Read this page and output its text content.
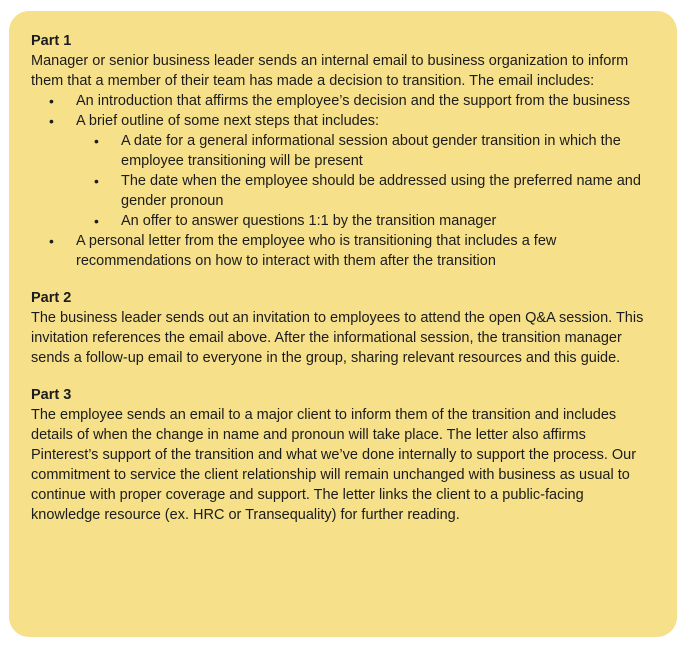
Part 1
Manager or senior business leader sends an internal email to business organization to inform them that a member of their team has made a decision to transition. The email includes:
• An introduction that affirms the employee’s decision and the support from the business
• A brief outline of some next steps that includes:
• A date for a general informational session about gender transition in which the employee transitioning will be present
• The date when the employee should be addressed using the preferred name and gender pronoun
• An offer to answer questions 1:1 by the transition manager
• A personal letter from the employee who is transitioning that includes a few recommendations on how to interact with them after the transition
Part 2
The business leader sends out an invitation to employees to attend the open Q&A session. This invitation references the email above. After the informational session, the transition manager sends a follow-up email to everyone in the group, sharing relevant resources and this guide.
Part 3
The employee sends an email to a major client to inform them of the transition and includes details of when the change in name and pronoun will take place. The letter also affirms Pinterest’s support of the transition and what we’ve done internally to support the process. Our commitment to service the client relationship will remain unchanged with business as usual to continue with proper coverage and support. The letter links the client to a public-facing knowledge resource (ex. HRC or Transequality) for further reading.
